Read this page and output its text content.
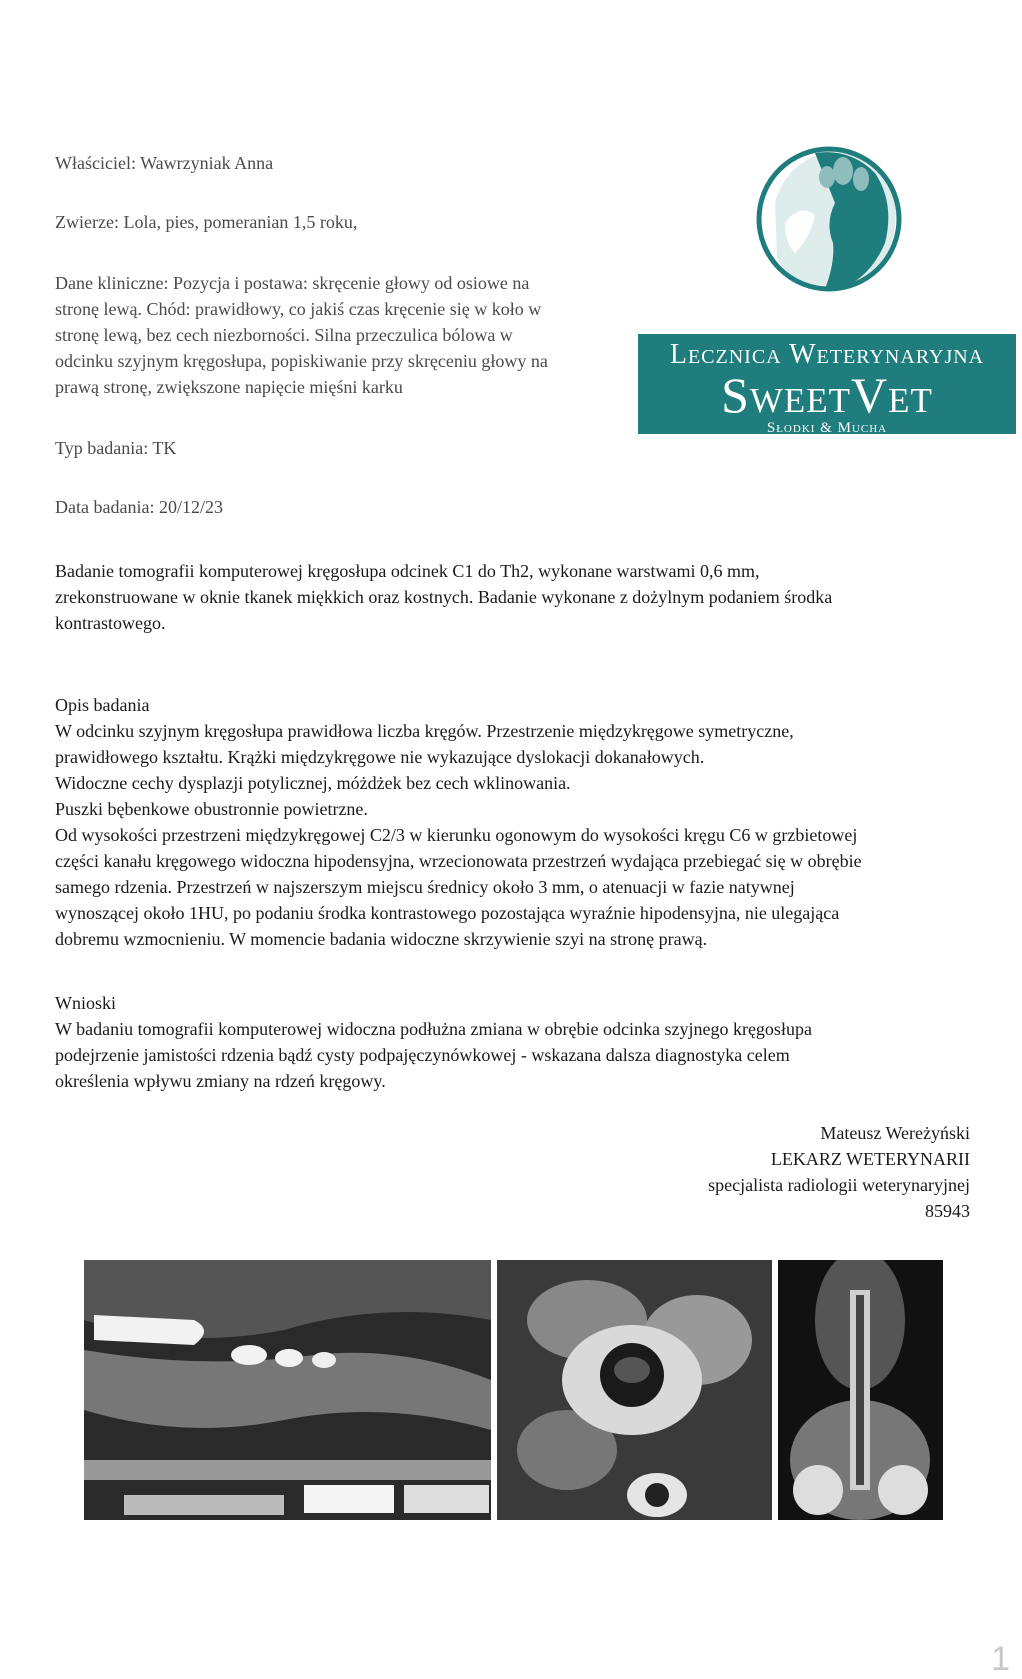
Właściciel: Wawrzyniak Anna

Zwierze: Lola, pies, pomeranian 1,5 roku,

Dane kliniczne: Pozycja i postawa: skręcenie głowy od osiowe na
stronę lewą. Chód: prawidłowy, co jakiś czas kręcenie się w koło w
stronę lewą, bez cech niezborności. Silna przeczulica bólowa w
odcinku szyjnym kręgosłupa, popiskiwanie przy skręceniu głowy na
prawą stronę, zwiększone napięcie mięśni karku

Typ badania: TK

Data badania: 20/12/23

Lecznica Weterynaryjna
SweetVet
Słodki & Mucha

Badanie tomografii komputerowej kręgosłupa odcinek C1 do Th2, wykonane warstwami 0,6 mm,
zrekonstruowane w oknie tkanek miękkich oraz kostnych. Badanie wykonane z dożylnym podaniem środka
kontrastowego.

Opis badania
W odcinku szyjnym kręgosłupa prawidłowa liczba kręgów. Przestrzenie międzykręgowe symetryczne,
prawidłowego kształtu. Krążki międzykręgowe nie wykazujące dyslokacji dokanałowych.
Widoczne cechy dysplazji potylicznej, móżdżek bez cech wklinowania.
Puszki bębenkowe obustronnie powietrzne.
Od wysokości przestrzeni międzykręgowej C2/3 w kierunku ogonowym do wysokości kręgu C6 w grzbietowej
części kanału kręgowego widoczna hipodensyjna, wrzecionowata przestrzeń wydająca przebiegać się w obrębie
samego rdzenia. Przestrzeń w najszerszym miejscu średnicy około 3 mm, o atenuacji w fazie natywnej
wynoszącej około 1HU, po podaniu środka kontrastowego pozostająca wyraźnie hipodensyjna, nie ulegająca
dobremu wzmocnieniu. W momencie badania widoczne skrzywienie szyi na stronę prawą.

Wnioski
W badaniu tomografii komputerowej widoczna podłużna zmiana w obrębie odcinka szyjnego kręgosłupa
podejrzenie jamistości rdzenia bądź cysty podpajęczynówkowej - wskazana dalsza diagnostyka celem
określenia wpływu zmiany na rdzeń kręgowy.

Mateusz Wereżyński
LEKARZ WETERYNARII
specjalista radiologii weterynaryjnej
85943

1
